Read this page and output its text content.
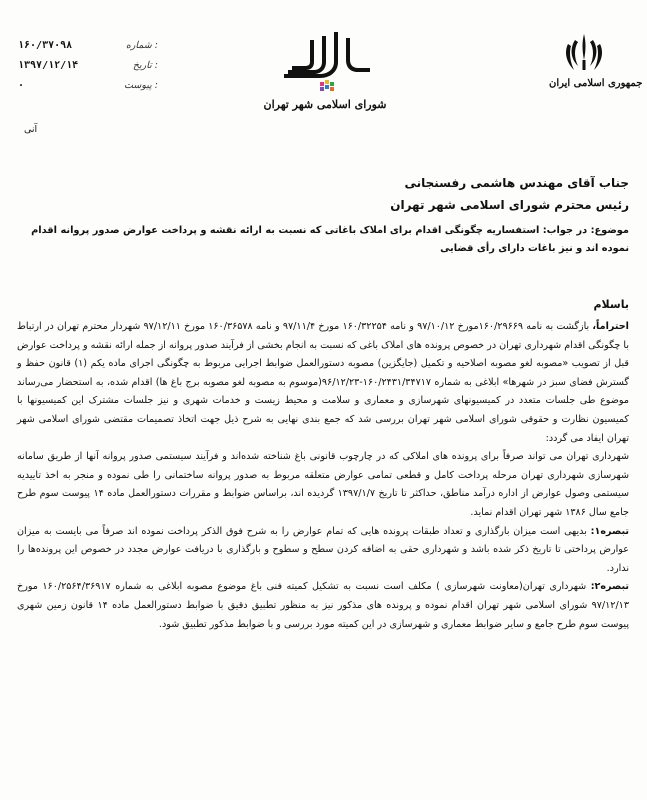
جمهوری اسلامی ایران
شورای اسلامی شهر تهران
۱۶۰/۳۷۰۹۸	شماره :
۱۳۹۷/۱۲/۱۴	تاریخ :
۰	پیوست :
آنی
جناب آقای مهندس هاشمی رفسنجانی
رئیس محترم شورای اسلامی شهر تهران
موضوع: در جواب: استفساریه چگونگی اقدام برای املاک باغاتی که نسبت به ارائه نقشه و پرداخت عوارض صدور پروانه اقدام نموده اند و نیز باغات دارای رأی قضایی
باسلام

احتراماً، بازگشت به نامه ۱۶۰/۲۹۶۶۹مورخ ۹۷/۱۰/۱۲ و نامه ۱۶۰/۳۲۲۵۴ مورخ ۹۷/۱۱/۴ و نامه ۱۶۰/۳۶۵۷۸ مورخ ۹۷/۱۲/۱۱ شهردار محترم تهران در ارتباط با چگونگی اقدام شهرداری تهران در خصوص پرونده های املاک باغی که نسبت به انجام بخشی از فرآیند صدور پروانه از جمله ارائه نقشه و پرداخت عوارض قبل از تصویب «مصوبه لغو مصوبه اصلاحیه و تکمیل (جایگزین) مصوبه دستورالعمل ضوابط اجرایی مربوط به چگونگی اجرای ماده یکم (۱) قانون حفظ و گسترش فضای سبز در شهرها» ابلاغی به شماره ۱۶۰/۲۴۳۱/۳۴۷۱۷-۹۶/۱۲/۲۳(موسوم به مصوبه لغو مصوبه برج باغ ها) اقدام شده، به استحضار می‌رساند موضوع طی جلسات متعدد در کمیسیونهای شهرسازی و معماری و سلامت و محیط زیست و خدمات شهری و نیز جلسات مشترک این کمیسیونها با کمیسیون نظارت و حقوقی شورای اسلامی شهر تهران بررسی شد که جمع بندی نهایی به شرح ذیل جهت اتخاذ تصمیمات مقتضی شورای اسلامی شهر تهران ایفاد می گردد:

شهرداری تهران می تواند صرفاً برای پرونده های املاکی که در چارچوب قانونی باغ شناخته شده‌اند و فرآیند سیستمی صدور پروانه آنها از طریق سامانه شهرسازی شهرداری تهران مرحله پرداخت کامل و قطعی تمامی عوارض متعلقه مربوط به صدور پروانه ساختمانی را طی نموده و منجر به اخذ تاییدیه سیستمی وصول عوارض از اداره درآمد مناطق، حداکثر تا تاریخ ۱۳۹۷/۱/۷ گردیده اند، براساس ضوابط و مقررات دستورالعمل ماده ۱۴ پیوست سوم طرح جامع سال ۱۳۸۶ شهر تهران اقدام نماید.

تبصره۱: بدیهی است میزان بارگذاری و تعداد طبقات پرونده هایی که تمام عوارض را به شرح فوق الذکر پرداخت نموده اند صرفاً می بایست به میزان عوارض پرداختی تا تاریخ ذکر شده باشد و شهرداری حقی به اضافه کردن سطح و سطوح و بارگذاری با دریافت عوارض مجدد در خصوص این پرونده‌ها را ندارد.

تبصره۲: شهرداری تهران(معاونت شهرسازی ) مکلف است نسبت به تشکیل کمیته فنی باغ موضوع مصوبه ابلاغی به شماره ۱۶۰/۲۵۶۴/۳۶۹۱۷ مورخ ۹۷/۱۲/۱۳ شورای اسلامی شهر تهران اقدام نموده و پرونده های مذکور نیز به منظور تطبیق دقیق با ضوابط دستورالعمل ماده ۱۴ قانون زمین شهری پیوست سوم طرح جامع و سایر ضوابط معماری و شهرسازی در این کمیته مورد بررسی و با ضوابط مذکور تطبیق شود.
